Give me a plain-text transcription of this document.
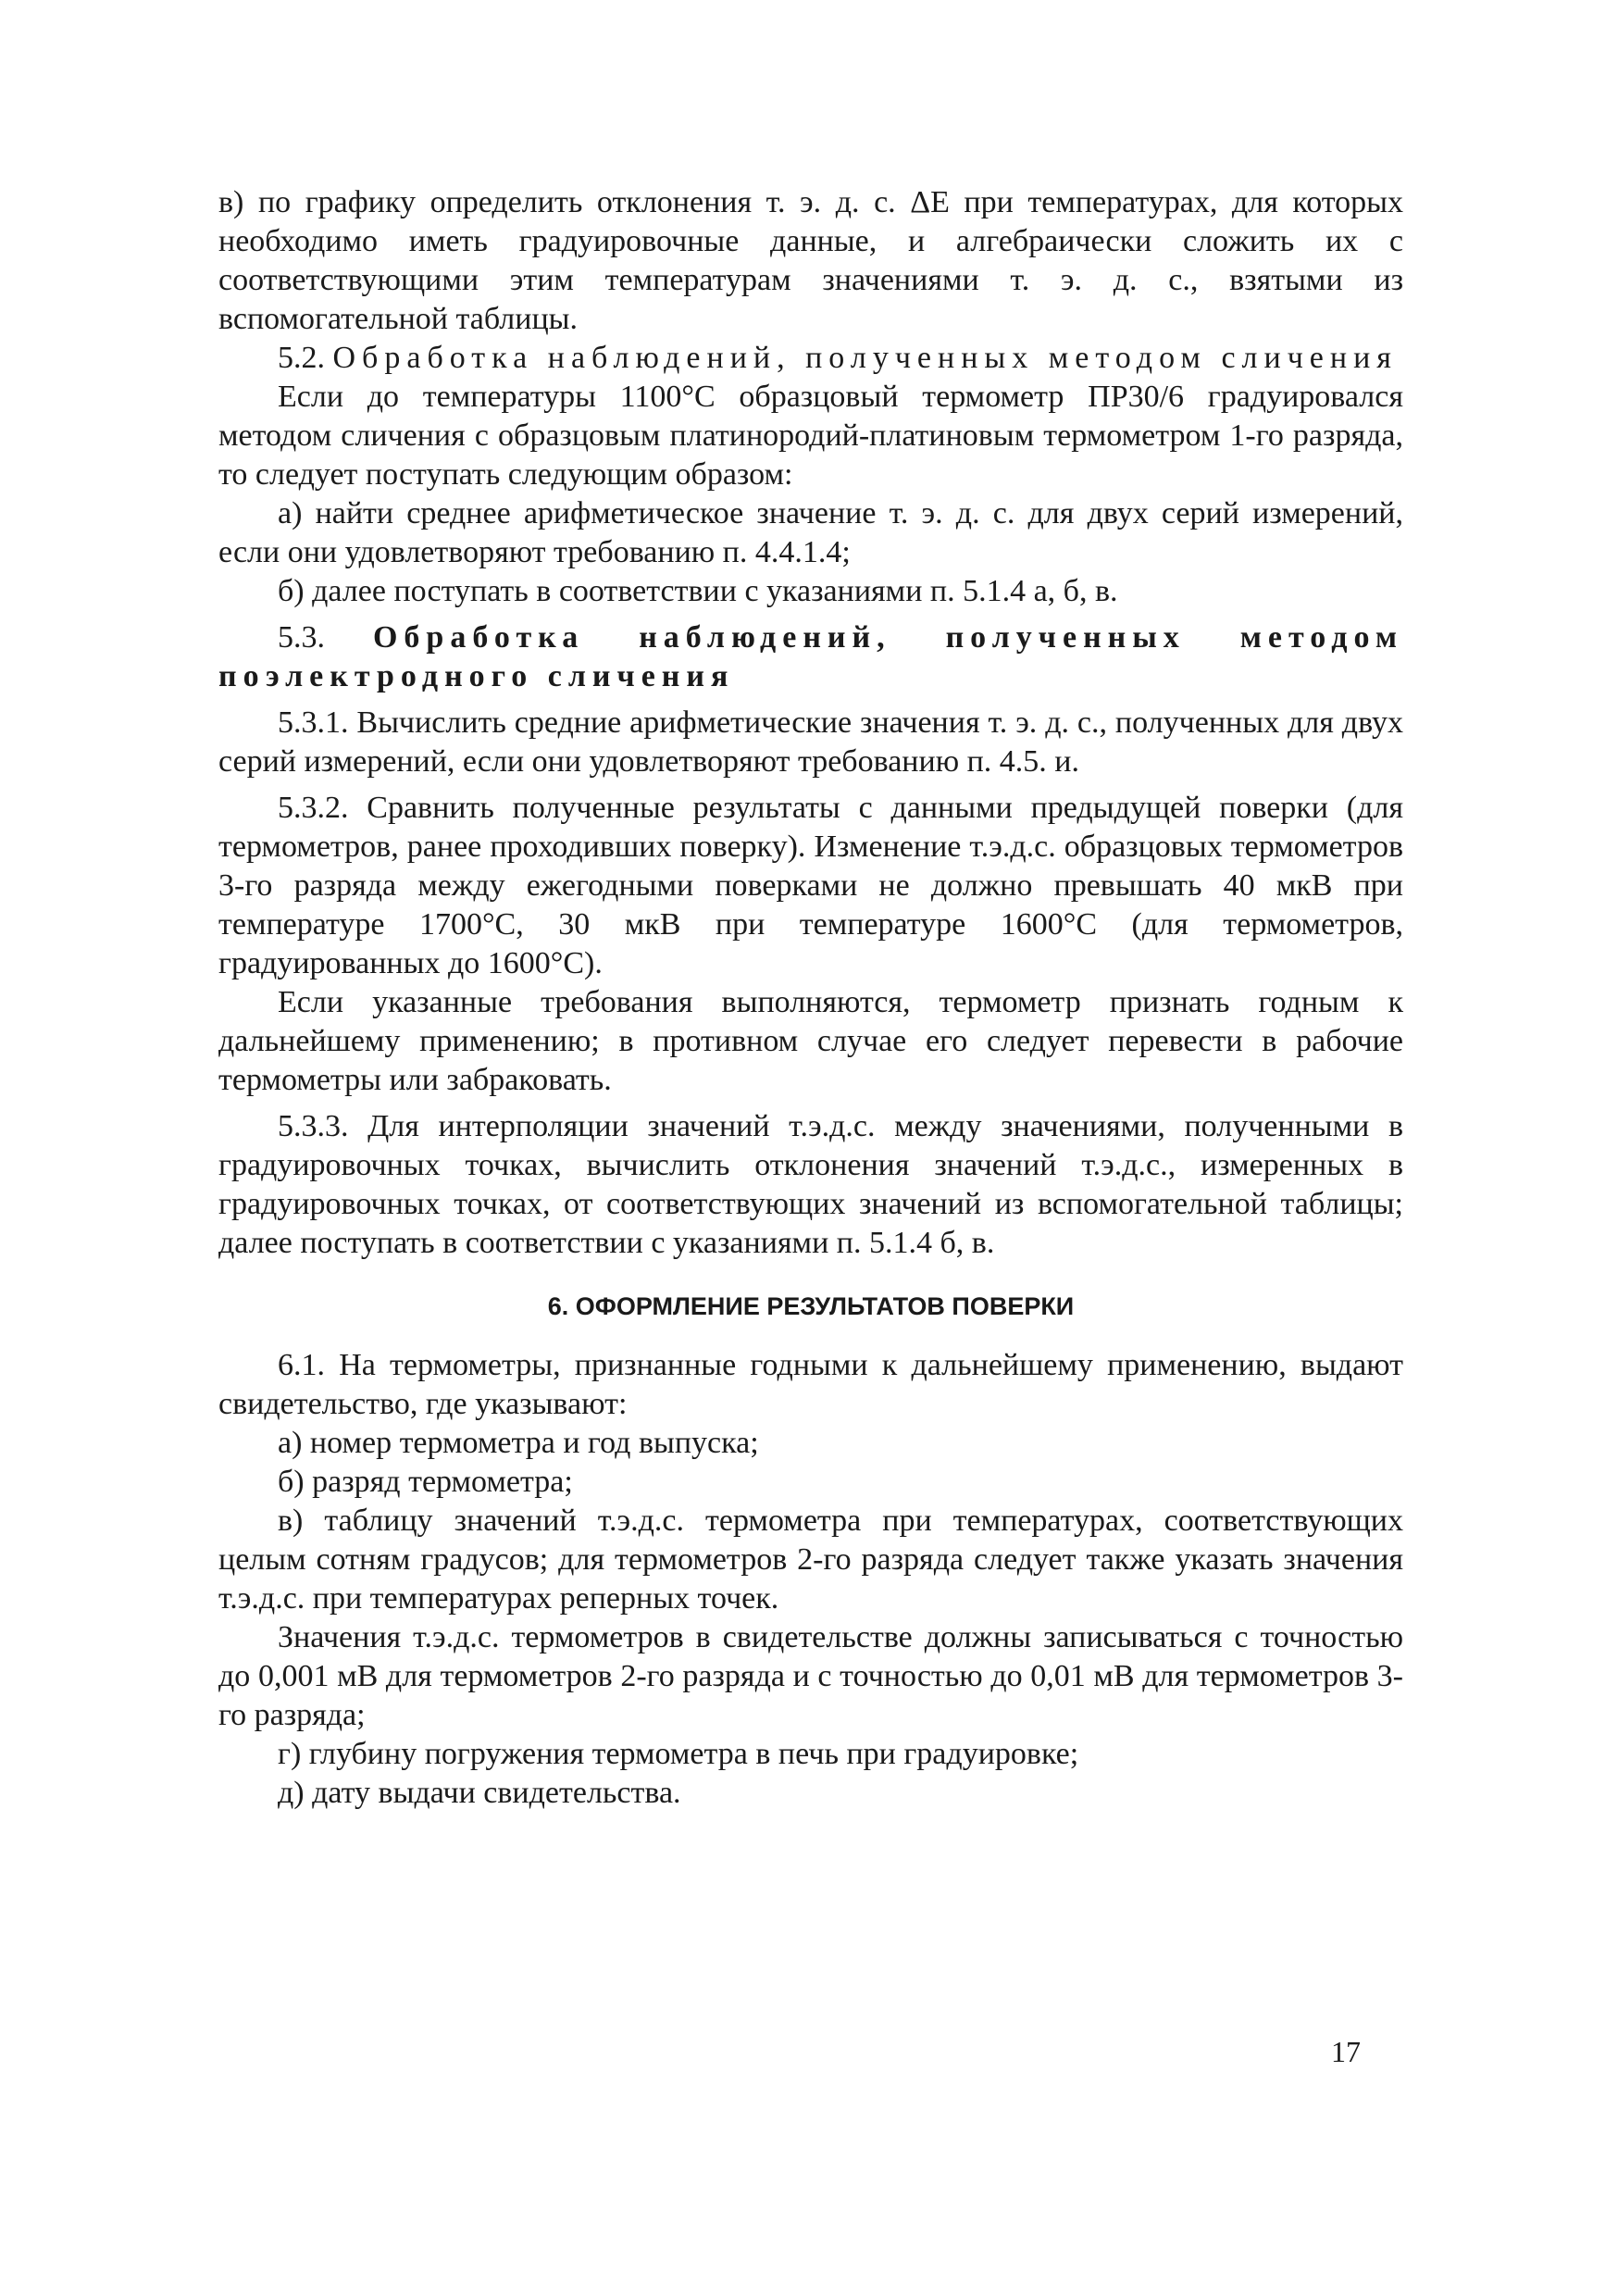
в) по графику определить отклонения т. э. д. с. ΔE при температурах, для которых необходимо иметь градуировочные данные, и алгебраически сложить их с соответствующими этим температурам значениями т. э. д. с., взятыми из вспомогательной таблицы.

5.2. Обработка наблюдений, полученных методом сличения

Если до температуры 1100°С образцовый термометр ПР30/6 градуировался методом сличения с образцовым платинородий-платиновым термометром 1-го разряда, то следует поступать следующим образом:

а) найти среднее арифметическое значение т. э. д. с. для двух серий измерений, если они удовлетворяют требованию п. 4.4.1.4;

б) далее поступать в соответствии с указаниями п. 5.1.4 а, б, в.

5.3. Обработка наблюдений, полученных методом поэлектродного сличения

5.3.1. Вычислить средние арифметические значения т. э. д. с., полученных для двух серий измерений, если они удовлетворяют требованию п. 4.5. и.

5.3.2. Сравнить полученные результаты с данными предыдущей поверки (для термометров, ранее проходивших поверку). Изменение т.э.д.с. образцовых термометров 3-го разряда между ежегодными поверками не должно превышать 40 мкВ при температуре 1700°С, 30 мкВ при температуре 1600°С (для термометров, градуированных до 1600°С).

Если указанные требования выполняются, термометр признать годным к дальнейшему применению; в противном случае его следует перевести в рабочие термометры или забраковать.

5.3.3. Для интерполяции значений т.э.д.с. между значениями, полученными в градуировочных точках, вычислить отклонения значений т.э.д.с., измеренных в градуировочных точках, от соответствующих значений из вспомогательной таблицы; далее поступать в соответствии с указаниями п. 5.1.4 б, в.

6. ОФОРМЛЕНИЕ РЕЗУЛЬТАТОВ ПОВЕРКИ

6.1. На термометры, признанные годными к дальнейшему применению, выдают свидетельство, где указывают:

а) номер термометра и год выпуска;

б) разряд термометра;

в) таблицу значений т.э.д.с. термометра при температурах, соответствующих целым сотням градусов; для термометров 2-го разряда следует также указать значения т.э.д.с. при температурах реперных точек.

Значения т.э.д.с. термометров в свидетельстве должны записываться с точностью до 0,001 мВ для термометров 2-го разряда и с точностью до 0,01 мВ для термометров 3-го разряда;

г) глубину погружения термометра в печь при градуировке;

д) дату выдачи свидетельства.

17
